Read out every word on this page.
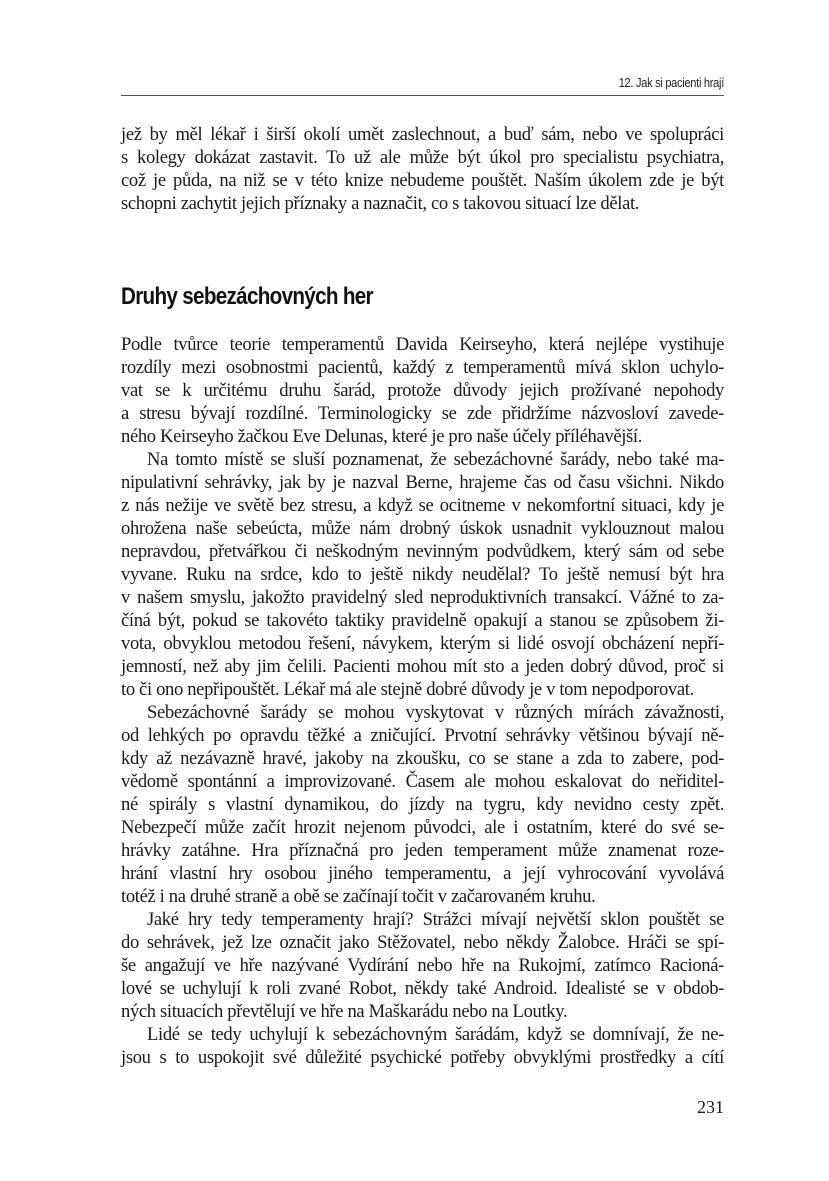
12. Jak si pacienti hrají

jež by měl lékař i širší okolí umět zaslechnout, a buď sám, nebo ve spolupráci
s kolegy dokázat zastavit. To už ale může být úkol pro specialistu psychiatra,
což je půda, na niž se v této knize nebudeme pouštět. Naším úkolem zde je být
schopni zachytit jejich příznaky a naznačit, co s takovou situací lze dělat.

Druhy sebezáchovných her

Podle tvůrce teorie temperamentů Davida Keirseyho, která nejlépe vystihuje
rozdíly mezi osobnostmi pacientů, každý z temperamentů mívá sklon uchylo-
vat se k určitému druhu šarád, protože důvody jejich prožívané nepohody
a stresu bývají rozdílné. Terminologicky se zde přidržíme názvosloví zavede-
ného Keirseyho žačkou Eve Delunas, které je pro naše účely příléhavější.

Na tomto místě se sluší poznamenat, že sebezáchovné šarády, nebo také ma-
nipulativní sehrávky, jak by je nazval Berne, hrajeme čas od času všichni. Nikdo
z nás nežije ve světě bez stresu, a když se ocitneme v nekomfortní situaci, kdy je
ohrožena naše sebeúcta, může nám drobný úskok usnadnit vyklouznout malou
nepravdou, přetvářkou či neškodným nevinným podvůdkem, který sám od sebe
vyvane. Ruku na srdce, kdo to ještě nikdy neudělal? To ještě nemusí být hra
v našem smyslu, jakožto pravidelný sled neproduktivních transakcí. Vážné to za-
číná být, pokud se takovéto taktiky pravidelně opakují a stanou se způsobem ži-
vota, obvyklou metodou řešení, návykem, kterým si lidé osvojí obcházení nepří-
jemností, než aby jim čelili. Pacienti mohou mít sto a jeden dobrý důvod, proč si
to či ono nepřipouštět. Lékař má ale stejně dobré důvody je v tom nepodporovat.

Sebezáchovné šarády se mohou vyskytovat v různých mírách závažnosti,
od lehkých po opravdu těžké a zničující. Prvotní sehrávky většinou bývají ně-
kdy až nezávazně hravé, jakoby na zkoušku, co se stane a zda to zabere, pod-
vědomě spontánní a improvizované. Časem ale mohou eskalovat do neřiditel-
né spirály s vlastní dynamikou, do jízdy na tygru, kdy nevidno cesty zpět.
Nebezpečí může začít hrozit nejenom původci, ale i ostatním, které do své se-
hrávky zatáhne. Hra příznačná pro jeden temperament může znamenat roze-
hrání vlastní hry osobou jiného temperamentu, a její vyhrocování vyvolává
totéž i na druhé straně a obě se začínají točit v začarovaném kruhu.

Jaké hry tedy temperamenty hrají? Strážci mívají největší sklon pouštět se
do sehrávek, jež lze označit jako Stěžovatel, nebo někdy Žalobce. Hráči se spí-
še angažují ve hře nazývané Vydírání nebo hře na Rukojmí, zatímco Racioná-
lové se uchylují k roli zvané Robot, někdy také Android. Idealisté se v obdob-
ných situacích převtělují ve hře na Maškarádu nebo na Loutky.

Lidé se tedy uchylují k sebezáchovným šarádám, když se domnívají, že ne-
jsou s to uspokojit své důležité psychické potřeby obvyklými prostředky a cítí

231
